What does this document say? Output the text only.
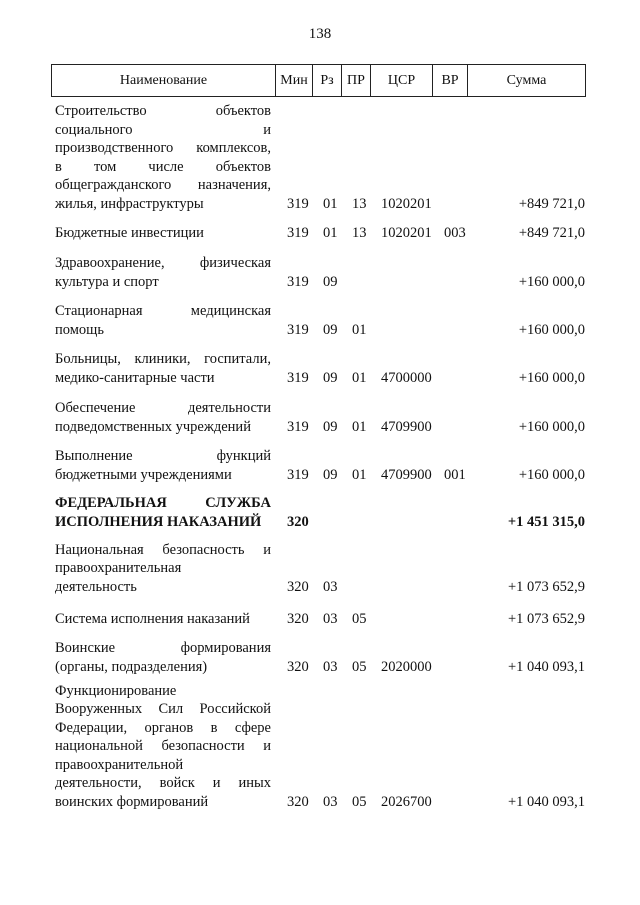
138
Наименование	Мин Рз ПР	ЦСР	ВР	Сумма
Строительство объектов
социального и
производственного комплексов,
в том числе объектов
общегражданского назначения,
жилья, инфраструктуры	319 01 13 1020201	+849 721,0
Бюджетные инвестиции	319 01 13 1020201 003	+849 721,0
Здравоохранение, физическая
культура и спорт	319 09	+160 000,0
Стационарная медицинская
помощь	319 09 01	+160 000,0
Больницы, клиники, госпитали,
медико-санитарные части	319 09 01 4700000	+160 000,0
Обеспечение деятельности
подведомственных учреждений	319 09 01 4709900	+160 000,0
Выполнение функций
бюджетными учреждениями	319 09 01 4709900 001	+160 000,0
ФЕДЕРАЛЬНАЯ СЛУЖБА
ИСПОЛНЕНИЯ НАКАЗАНИЙ	320	+1 451 315,0
Национальная безопасность и
правоохранительная
деятельность	320 03	+1 073 652,9
Система исполнения наказаний	320 03 05	+1 073 652,9
Воинские формирования
(органы, подразделения)	320 03 05 2020000	+1 040 093,1
Функционирование
Вооруженных Сил Российской
Федерации, органов в сфере
национальной безопасности и
правоохранительной
деятельности, войск и иных
воинских формирований	320 03 05 2026700	+1 040 093,1
